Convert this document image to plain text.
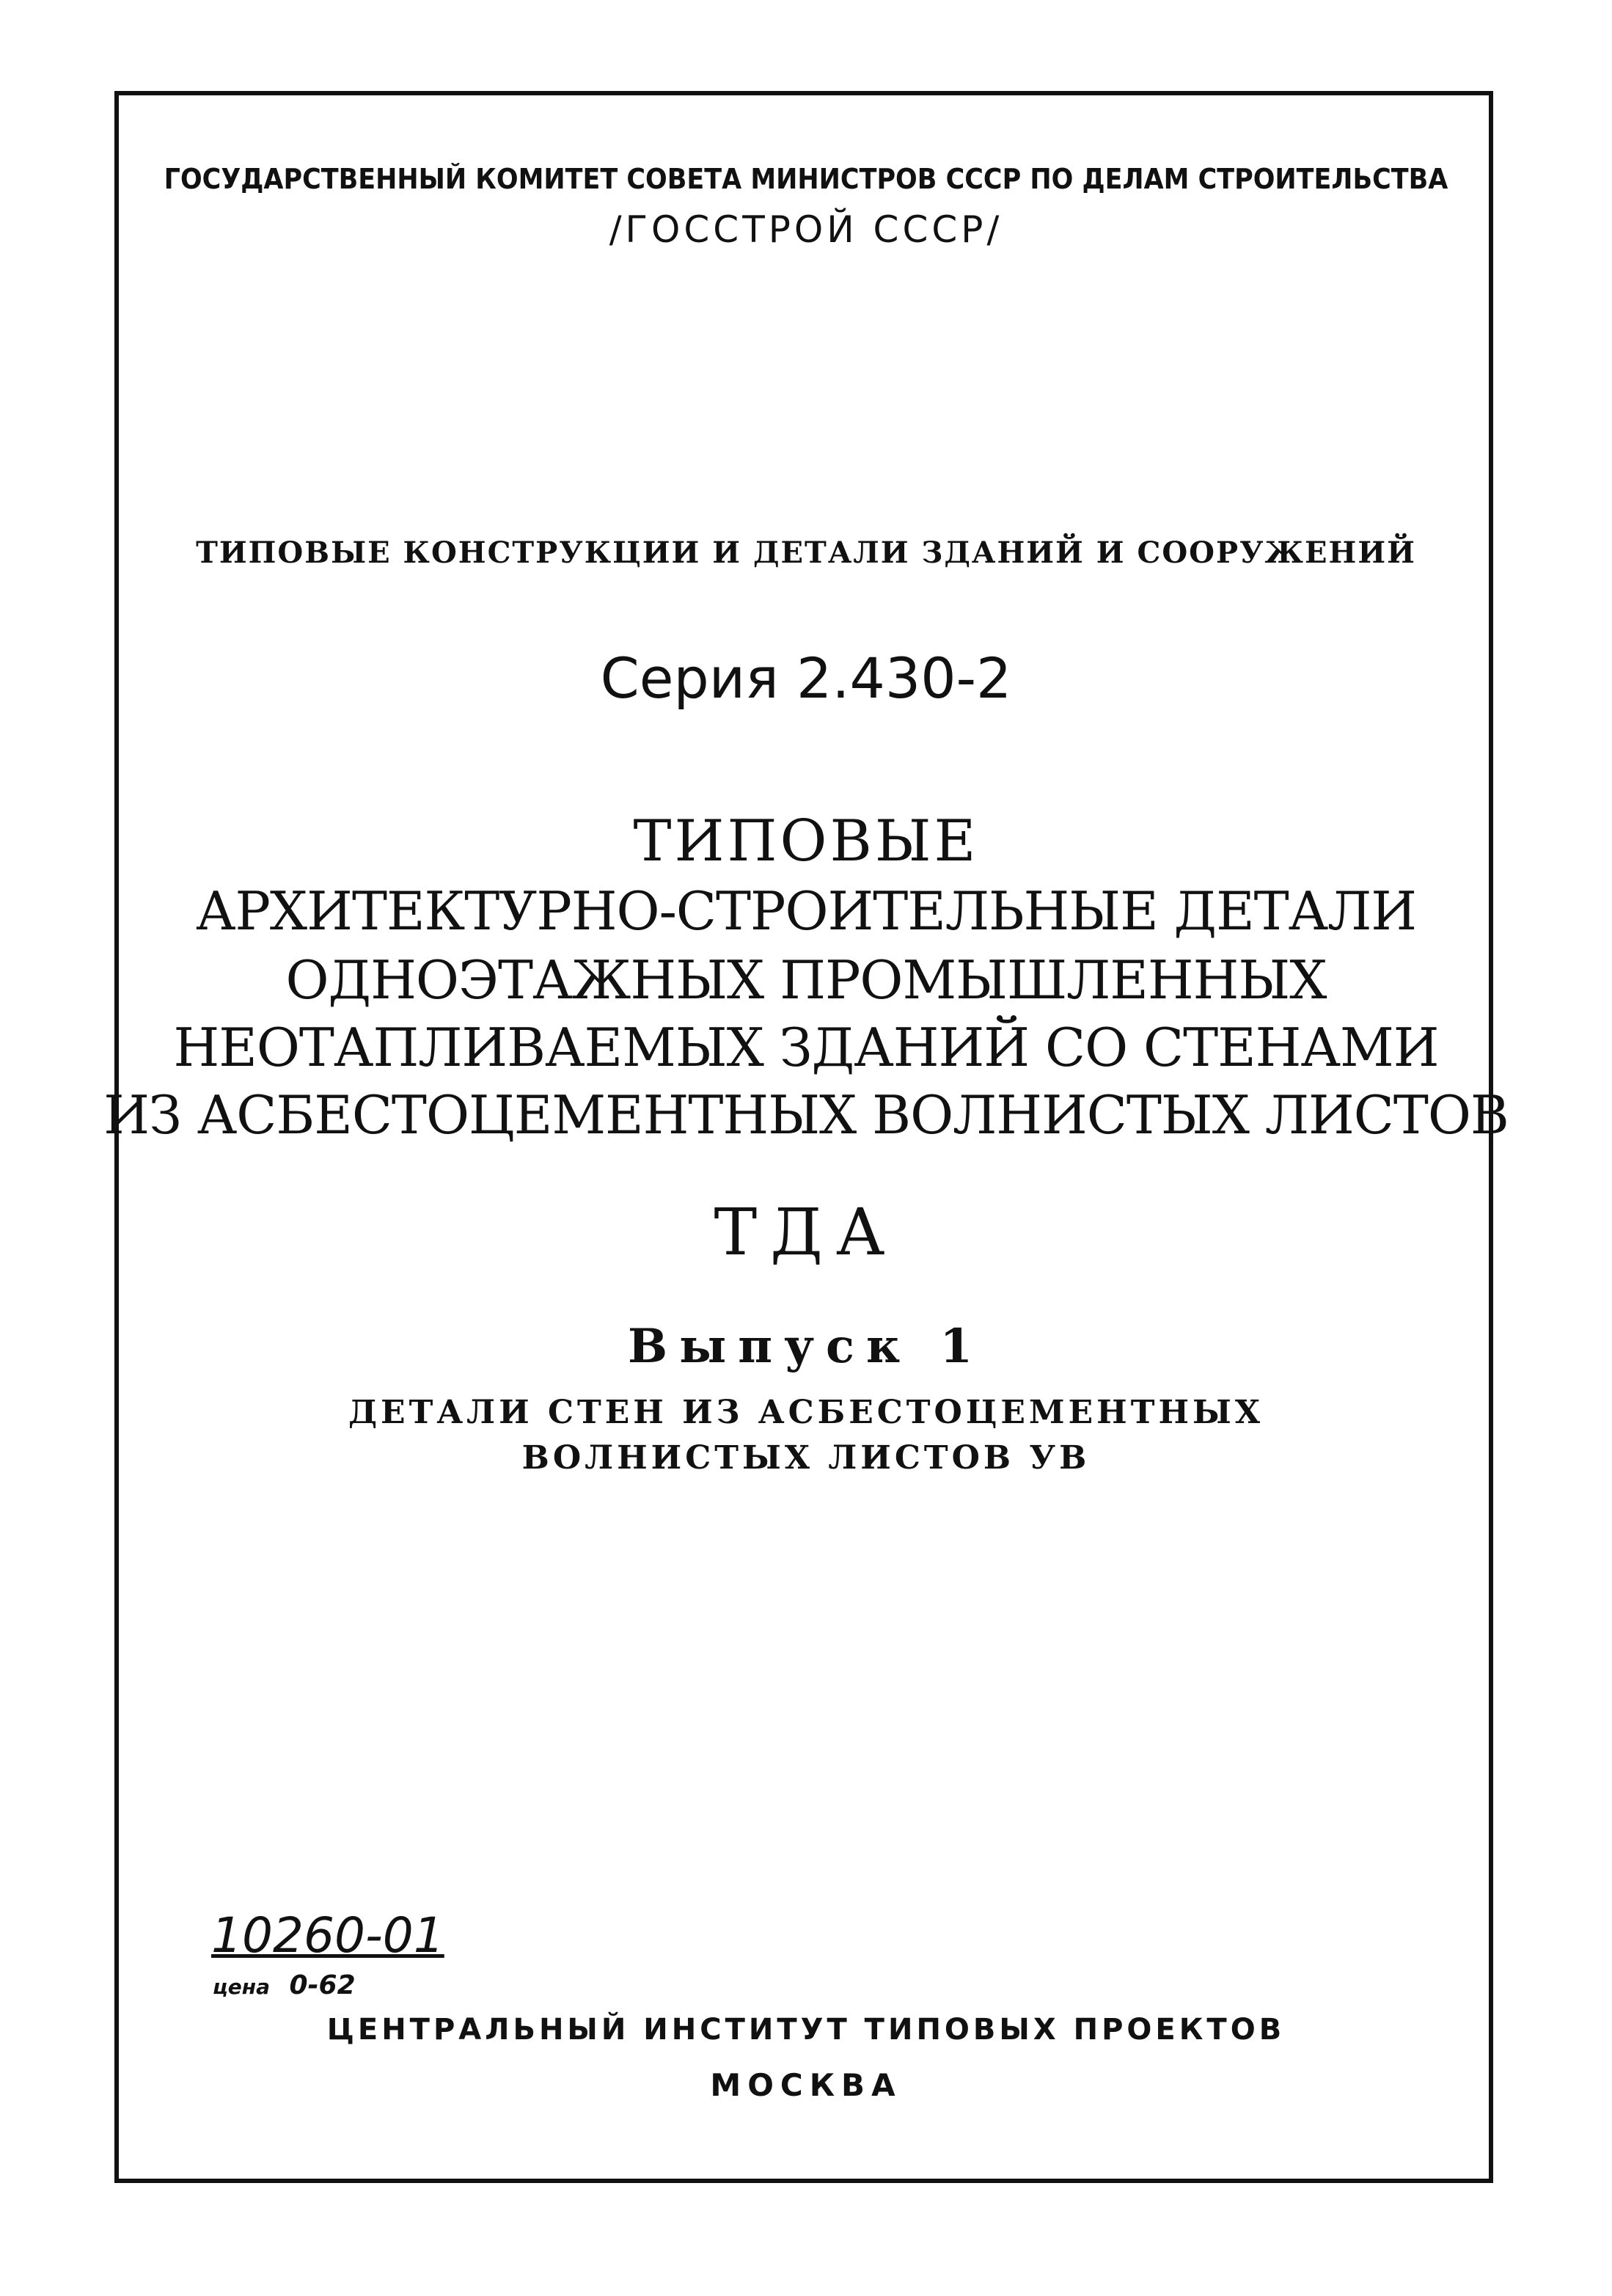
ГОСУДАРСТВЕННЫЙ КОМИТЕТ СОВЕТА МИНИСТРОВ СССР ПО ДЕЛАМ СТРОИТЕЛЬСТВА
/ГОССТРОЙ СССР/
ТИПОВЫЕ КОНСТРУКЦИИ И ДЕТАЛИ ЗДАНИЙ И СООРУЖЕНИЙ
Серия 2.430-2
ТИПОВЫЕ
АРХИТЕКТУРНО-СТРОИТЕЛЬНЫЕ ДЕТАЛИ
ОДНОЭТАЖНЫХ ПРОМЫШЛЕННЫХ
НЕОТАПЛИВАЕМЫХ ЗДАНИЙ СО СТЕНАМИ
ИЗ АСБЕСТОЦЕМЕНТНЫХ ВОЛНИСТЫХ ЛИСТОВ
ТДА
Выпуск 1
ДЕТАЛИ СТЕН ИЗ АСБЕСТОЦЕМЕНТНЫХ
ВОЛНИСТЫХ ЛИСТОВ УВ
10260-01
цена 0-62
ЦЕНТРАЛЬНЫЙ ИНСТИТУТ ТИПОВЫХ ПРОЕКТОВ
МОСКВА
